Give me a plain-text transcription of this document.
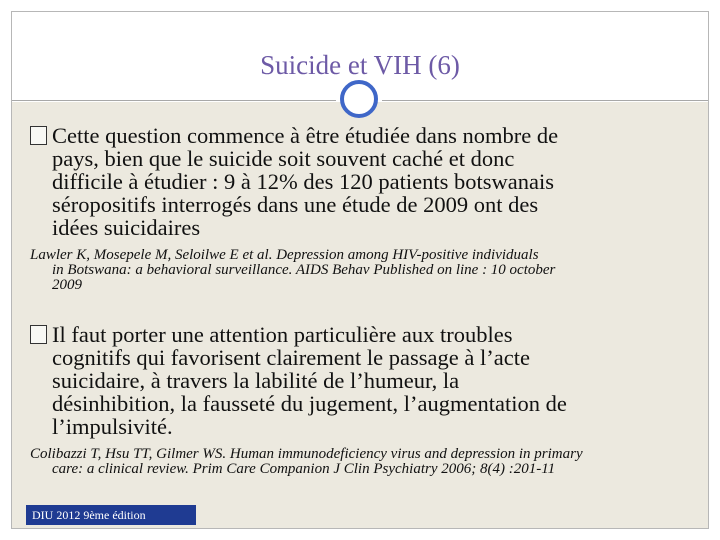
Suicide et VIH (6)
Cette question commence à être étudiée dans nombre de
pays, bien que le suicide soit souvent caché et donc
difficile à étudier : 9 à 12% des 120 patients botswanais
séropositifs interrogés dans une étude de 2009 ont des
idées suicidaires
Lawler K, Mosepele M, Seloilwe E et al. Depression among HIV-positive individuals
in Botswana: a behavioral surveillance. AIDS Behav Published on line : 10 october
2009
Il faut porter une attention particulière aux troubles
cognitifs qui favorisent clairement le passage à l’acte
suicidaire, à travers la labilité de l’humeur, la
désinhibition, la fausseté du jugement, l’augmentation de
l’impulsivité.
Colibazzi T, Hsu TT, Gilmer WS. Human immunodeficiency virus and depression in primary
care: a clinical review. Prim Care Companion J Clin Psychiatry 2006; 8(4) :201-11
DIU 2012 9ème édition
